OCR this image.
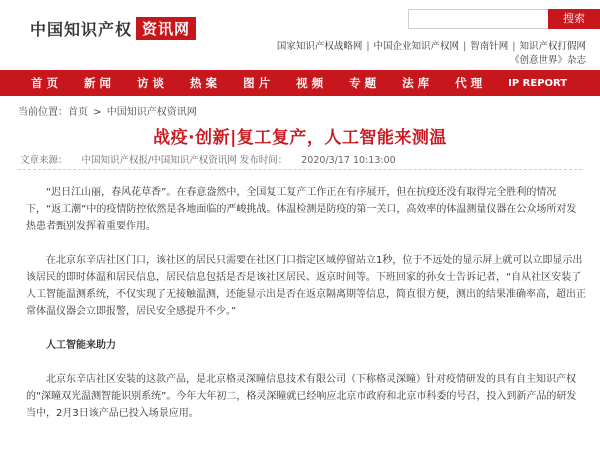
中国知识产权 资讯网
搜索
国家知识产权战略网 | 中国企业知识产权网 | 智南针网 | 知识产权打假网
《创意世界》杂志
首 页	新 闻	访 谈	热 案	图 片	视 频	专 题	法 库	代 理	IP REPORT
当前位置：首页 > 中国知识产权资讯网
战疫·创新|复工复产，人工智能来测温
文章来源： 中国知识产权报/中国知识产权资讯网 发布时间： 2020/3/17 10:13:00

“迟日江山丽，春风花草香”。在春意盎然中，全国复工复产工作正在有序展开，但在抗疫还没有取得完全胜利的情况下，“返工潮”中的疫情防控依然是各地面临的严峻挑战。体温检测是防疫的第一关口，高效率的体温测量仪器在公众场所对发热患者甄别发挥着重要作用。

在北京东辛店社区门口，该社区的居民只需要在社区门口指定区域停留站立1秒，位于不远处的显示屏上就可以立即显示出该居民的即时体温和居民信息，居民信息包括是否是该社区居民、返京时间等。下班回家的孙女士告诉记者，“自从社区安装了人工智能温测系统，不仅实现了无接触温测，还能显示出是否在返京隔离期等信息，简直很方便，测出的结果准确率高，超出正常体温仪器会立即报警，居民安全感提升不少。”

人工智能来助力

北京东辛店社区安装的这款产品，是北京格灵深瞳信息技术有限公司（下称格灵深瞳）针对疫情研发的具有自主知识产权的“深瞳双光温测智能识别系统”。今年大年初二，格灵深瞳就已经响应北京市政府和北京市科委的号召，投入到新产品的研发当中，2月3日该产品已投入场景应用。
